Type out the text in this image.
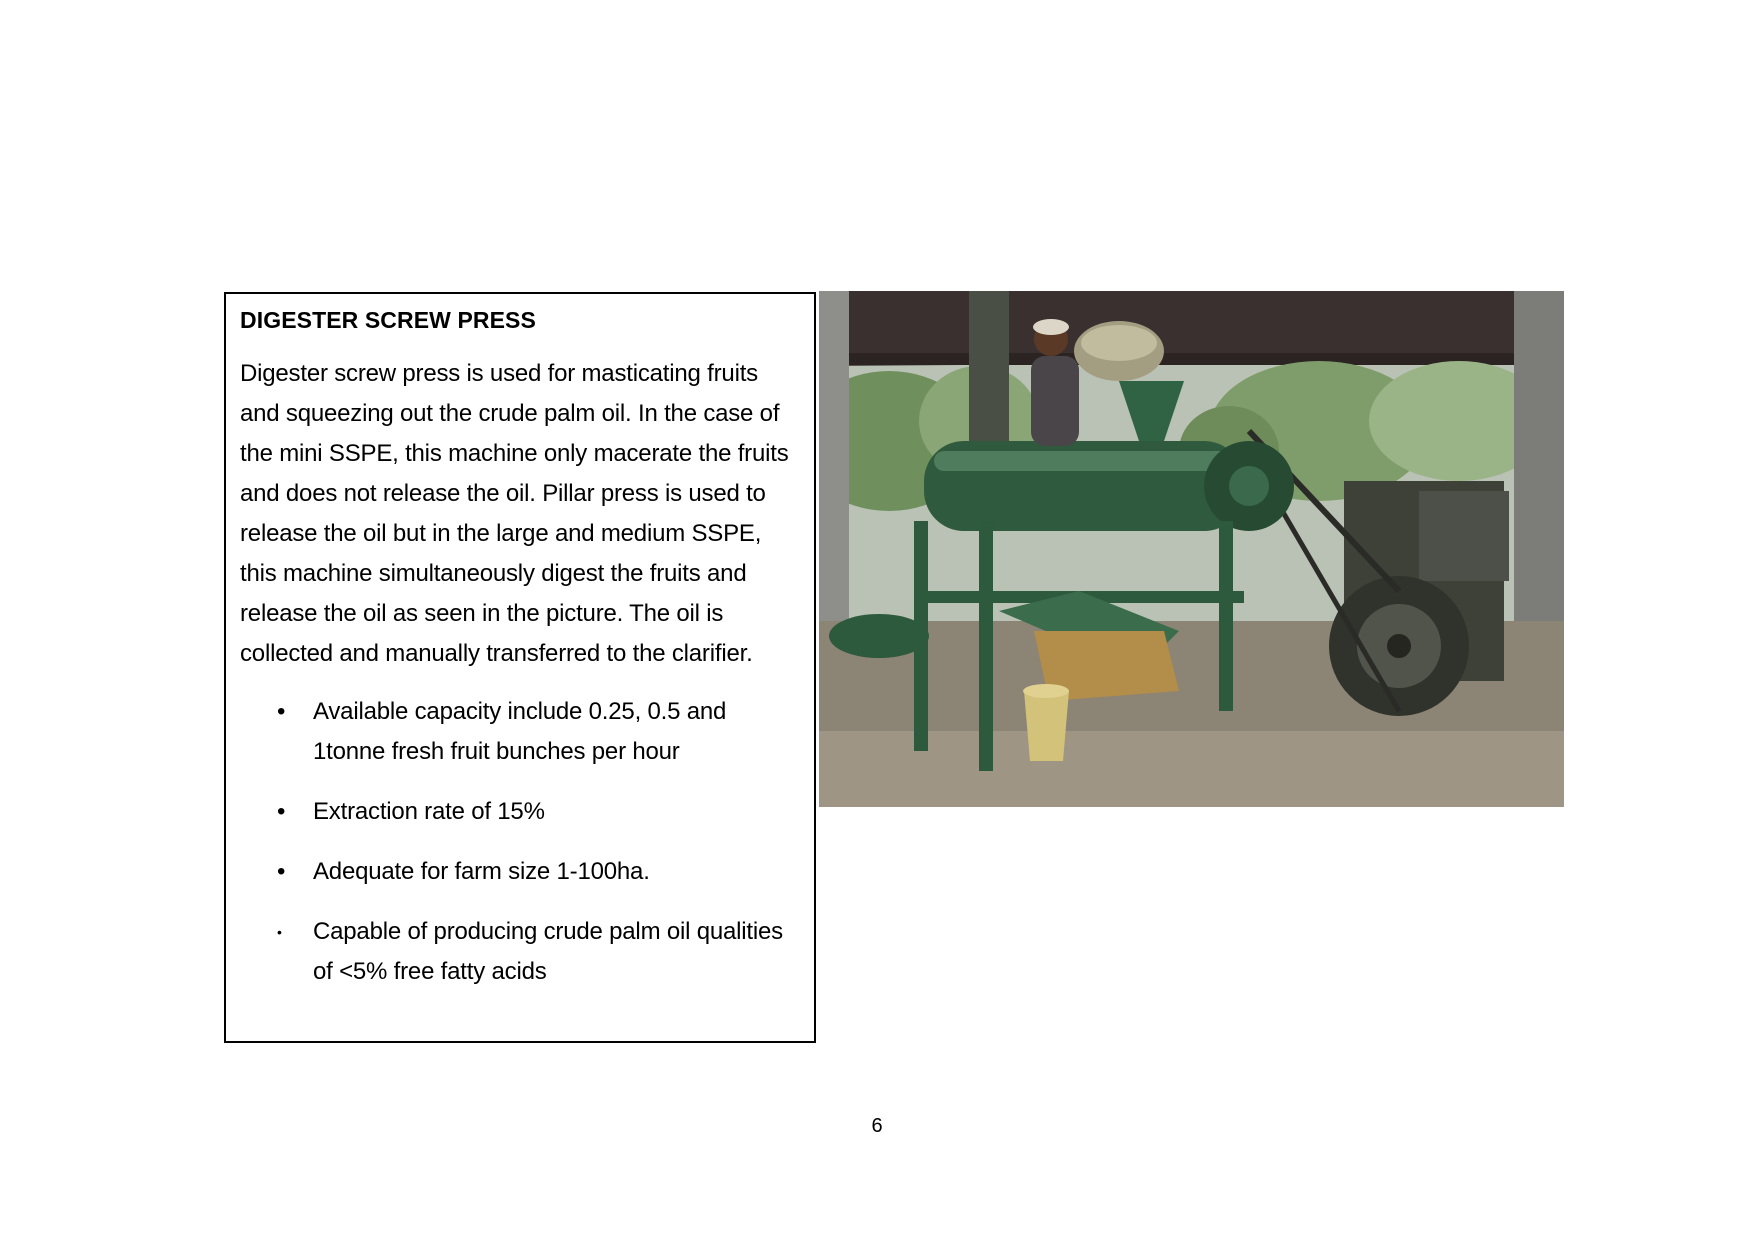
DIGESTER SCREW PRESS
Digester screw press is used for masticating fruits and squeezing out the crude palm oil. In the case of the mini SSPE, this machine only macerate the fruits and does not release the oil. Pillar press is used to release the oil but in the large and medium SSPE, this machine simultaneously digest the fruits and release the oil as seen in the picture. The oil is collected and manually transferred to the clarifier.
• Available capacity include 0.25, 0.5 and 1tonne fresh fruit bunches per hour
• Extraction rate of 15%
• Adequate for farm size 1-100ha.
• Capable of producing crude palm oil qualities of <5% free fatty acids
6
